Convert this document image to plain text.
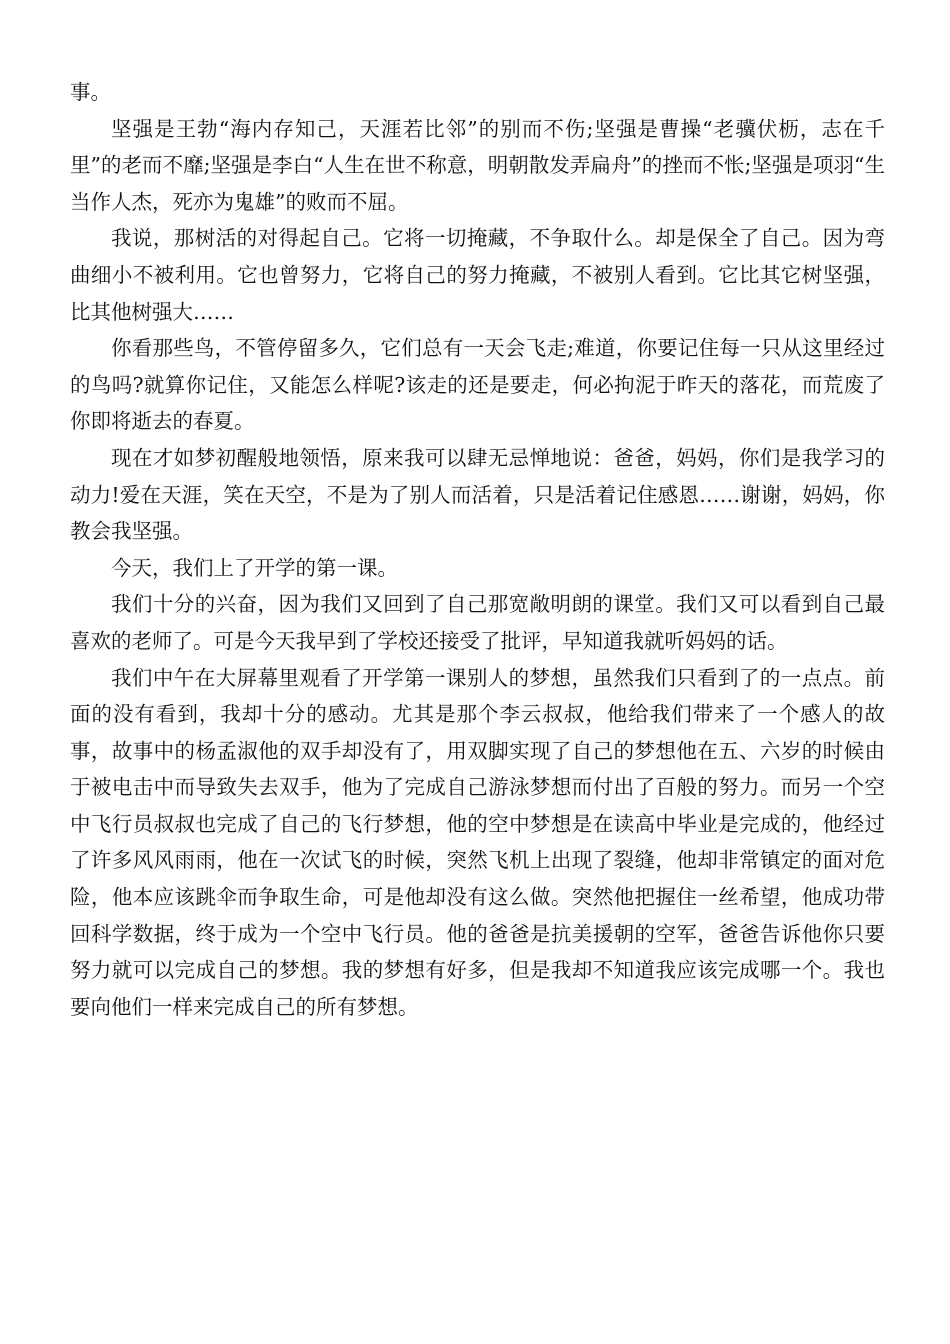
事。

坚强是王勃“海内存知己，天涯若比邻”的别而不伤;坚强是曹操“老骥伏枥，志在千里”的老而不靡;坚强是李白“人生在世不称意，明朝散发弄扁舟”的挫而不怅;坚强是项羽“生当作人杰，死亦为鬼雄”的败而不屈。

我说，那树活的对得起自己。它将一切掩藏，不争取什么。却是保全了自己。因为弯曲细小不被利用。它也曾努力，它将自己的努力掩藏，不被别人看到。它比其它树坚强，比其他树强大……

你看那些鸟，不管停留多久，它们总有一天会飞走;难道，你要记住每一只从这里经过的鸟吗?就算你记住，又能怎么样呢?该走的还是要走，何必拘泥于昨天的落花，而荒废了你即将逝去的春夏。

现在才如梦初醒般地领悟，原来我可以肆无忌惮地说：爸爸，妈妈，你们是我学习的动力!爱在天涯，笑在天空，不是为了别人而活着，只是活着记住感恩……谢谢，妈妈，你教会我坚强。

今天，我们上了开学的第一课。

我们十分的兴奋，因为我们又回到了自己那宽敞明朗的课堂。我们又可以看到自己最喜欢的老师了。可是今天我早到了学校还接受了批评，早知道我就听妈妈的话。

我们中午在大屏幕里观看了开学第一课别人的梦想，虽然我们只看到了的一点点。前面的没有看到，我却十分的感动。尤其是那个李云叔叔，他给我们带来了一个感人的故事，故事中的杨孟淑他的双手却没有了，用双脚实现了自己的梦想他在五、六岁的时候由于被电击中而导致失去双手，他为了完成自己游泳梦想而付出了百般的努力。而另一个空中飞行员叔叔也完成了自己的飞行梦想，他的空中梦想是在读高中毕业是完成的，他经过了许多风风雨雨，他在一次试飞的时候，突然飞机上出现了裂缝，他却非常镇定的面对危险，他本应该跳伞而争取生命，可是他却没有这么做。突然他把握住一丝希望，他成功带回科学数据，终于成为一个空中飞行员。他的爸爸是抗美援朝的空军，爸爸告诉他你只要努力就可以完成自己的梦想。我的梦想有好多，但是我却不知道我应该完成哪一个。我也要向他们一样来完成自己的所有梦想。
